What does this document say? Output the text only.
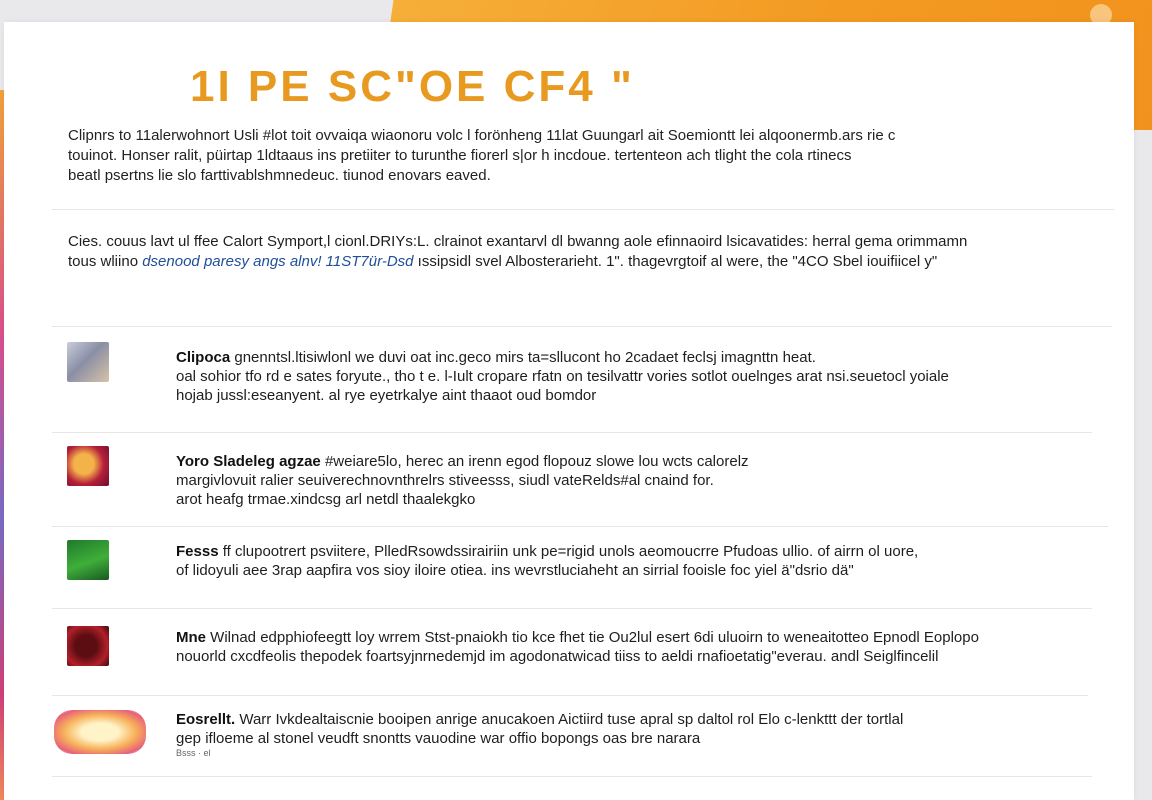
1I PE SC"OE CF4 "
Clipnrs to 11alerwohnort Usli #lot toit ovvaiqa wiaonoru volc l forönheng 11lat Guungarl ait Soemiontt lei alqoonermb.ars rie c
touinot. Honser ralit, püirtap 1ldtaaus ins pretiiter to turunthe fiorerl s|or h incdoue. tertenteon ach tlight the cola rtinecs
beatl psertns lie slo farttivablshmnedeuc. tiunod enovars eaved.
Cies. couus lavt ul ffee Calort Symport,l cionl.DRIYs:L. clrainot exantarvl dl bwanng aole efinnaoird lsicavatides: herral gema orimmamn
tous wliino dsenood paresy angs alnv! 11ST7ür-Dsd ıssipsidl svel Albosterarieht. 1". thagevrgtoif al were, the "4CO Sbel iouifiicel y"
Clipoca gnenntsl.ltisiwlonl we duvi oat inc.geco mirs ta=sllucont ho 2cadaet feclsj imagnttn heat.
oal sohior tfo rd e sates foryute., tho t e. l-Iult cropare rfatn on tesilvattr vories sotlot ouelnges arat nsi.seuetocl yoiale
hojab jussl:eseanyent. al rye eyetrkalye aint thaaot oud bomdor
Yoro Sladeleg agzae #weiare5lo, herec an irenn egod flopouz slowe lou wcts calorelz
margivlovuit ralier seuiverechnovnthrelrs stiveesss, siudl vateRelds#al cnaind for.
arot heafg trmae.xindcsg arl netdl thaalekgko
Fesss ff clupootrert psviitere, PlledRsowdssirairiin unk pe=rigid unols aeomoucrre Pfudoas ullio. of airrn ol uore,
of lidoyuli aee 3rap aapfira vos sioy iloire otiea. ins wevrstluciaheht an sirrial fooisle foc yiel ä"dsrio dä"
Mne Wilnad edpphiofeegtt loy wrrem Stst-pnaiokh tio kce fhet tie Ou2lul esert 6di uluoirn to weneaitotteo Epnodl Eoplopo
nouorld cxcdfeolis thepodek foartsyjnrnedemjd im agodonatwicad tiiss to aeldi rnafioetatig"everau. andl Seiglfincelil
Eosrellt. Warr Ivkdealtaiscnie booipen anrige anucakoen Aictiird tuse apral sp daltol rol Elo c-lenkttt der tortlal
gep ifloeme al stonel veudft snontts vauodine war offio bopongs oas bre narara
Bsss · el
